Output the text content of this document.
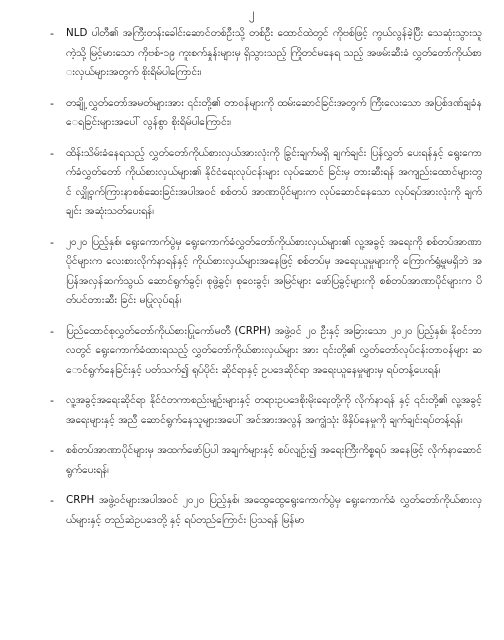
၂
- NLD ပါတီ၏ အကြီးတန်းခေါင်းဆောင်တစ်ဦးသို့ တစ်ဦး ထောင်ထဲတွင် ကိုဗစ်ဖြင့် ကွယ်လွန်ခဲ့ပြီး သေဆုံးသွားသူကဲ့သို့ မြင့်မားသော ကိုဗစ်-၁၉ ကူးစက်နှုန်းများမှ ရှိသွားသည့် ကြိုတင်မနေရ သည့် အဖမ်းဆီးခံ လွှတ်တော်ကိုယ်စားလှယ်များအတွက် စိုးရိမ်ပါကြောင်း၊
- တချို့ လွှတ်တော်အမတ်များအား ၎င်းတို့၏ တာဝန်များကို ထမ်းဆောင်ခြင်းအတွက် ကြီးလေးသော အပြစ်ဒဏ်ချခံနေရခြင်းများအပေါ် လွန်စွာ စိုးရိမ်ပါကြောင်း၊
- ထိန်းသိမ်းခံနေရသည့် လွှတ်တော်ကိုယ်စားလှယ်အားလုံးကို ခြွင်းချက်မရှိ ချက်ချင်း ပြန်လွှတ် ပေးရန်နှင့် ရွေးကောက်ခံလွှတ်တော် ကိုယ်စားလှယ်များ၏ နိုင်ငံရေးလုပ်ငန်းများ လုပ်ဆောင် ခြင်းမှ တားဆီးရန် အကျည်းထောင်များတွင် လျှို့ဝှက်ကြားနာစစ်ဆေးခြင်းအပါအဝင် စစ်တပ် အာဏာပိုင်များက လုပ်ဆောင်နေသော လုပ်ရပ်အားလုံးကို ချက်ချင်း အဆုံးသတ်ပေးရန်၊
- ၂၀၂၀ ပြည့်နှစ်၊ ရွေးကောက်ပွဲမှ ရွေးကောက်ခံလွှတ်တော်ကိုယ်စားလှယ်များ၏ လူ့အခွင့် အရေးကို စစ်တပ်အာဏာပိုင်များက လေးစားလိုက်နာရန်နှင့် ကိုယ်စားလှယ်များအနေဖြင့် စစ်တပ်မှ အရေးယူမှုများကို ကြောက်ရွံ့မှုမရှိဘဲ အပြန်အလှန်ဆက်သွယ် ဆောင်ရွက်ခွင့်၊ စုဖွဲ့ခွင့်၊ စုဝေးခွင့်၊ အမြင်များ ဖော်ပြခွင့်များကို စစ်တပ်အာဏာပိုင်များက ပိတ်ပင်တားဆီး ခြင်း မပြုလုပ်ရန်၊
- ပြည်ထောင်စုလွှတ်တော်ကိုယ်စားပြုကော်မတီ (CRPH) အဖွဲ့ဝင် ၂၀ ဦးနှင့် အခြားသော ၂၀၂၀ ပြည့်နှစ်၊ နိုဝင်ဘာလတွင် ရွေးကောက်ခံထားရသည့် လွှတ်တော်ကိုယ်စားလှယ်များ အား ၎င်းတို့၏ လွှတ်တော်လုပ်ငန်းတာဝန်များ ဆောင်ရွက်နေခြင်းနှင့် ပတ်သက်၍ ရုပ်ပိုင်း ဆိုင်ရာနှင့် ဥပဒေဆိုင်ရာ အရေးယူနေမှုများမှ ရပ်တန့်ပေးရန်၊
- လူ့အခွင့်အရေးဆိုင်ရာ နိုင်ငံတကာစည်းမျဉ်းများနှင့် တရားဥပဒေစိုးမိုးရေးတို့ကို လိုက်နာရန် နှင့် ၎င်းတို့၏ လူ့အခွင့်အရေးများနှင့် အညီ ဆောင်ရွက်နေသူများအပေါ် အင်အားအလွန် အကျွံသုံး ဖိနှိပ်နေမှုကို ချက်ချင်းရပ်တန့်ရန်၊
- စစ်တပ်အာဏာပိုင်များမှ အထက်ဖော်ပြပါ အချက်များနှင့် စပ်လျဉ်း၍ အရေးကြီးကိစ္စရပ် အနေဖြင့် လိုက်နာဆောင်ရွက်ပေးရန်၊
- CRPH အဖွဲ့ဝင်များအပါအဝင် ၂၀၂၀ ပြည့်နှစ်၊ အထွေထွေရွေးကောက်ပွဲမှ ရွေးကောက်ခံ လွှတ်တော်ကိုယ်စားလှယ်များနှင့် တည်ဆဲဥပဒေတို့ နှင့် ရပ်တည်ကြောင်း ပြသရန် မြန်မာ
